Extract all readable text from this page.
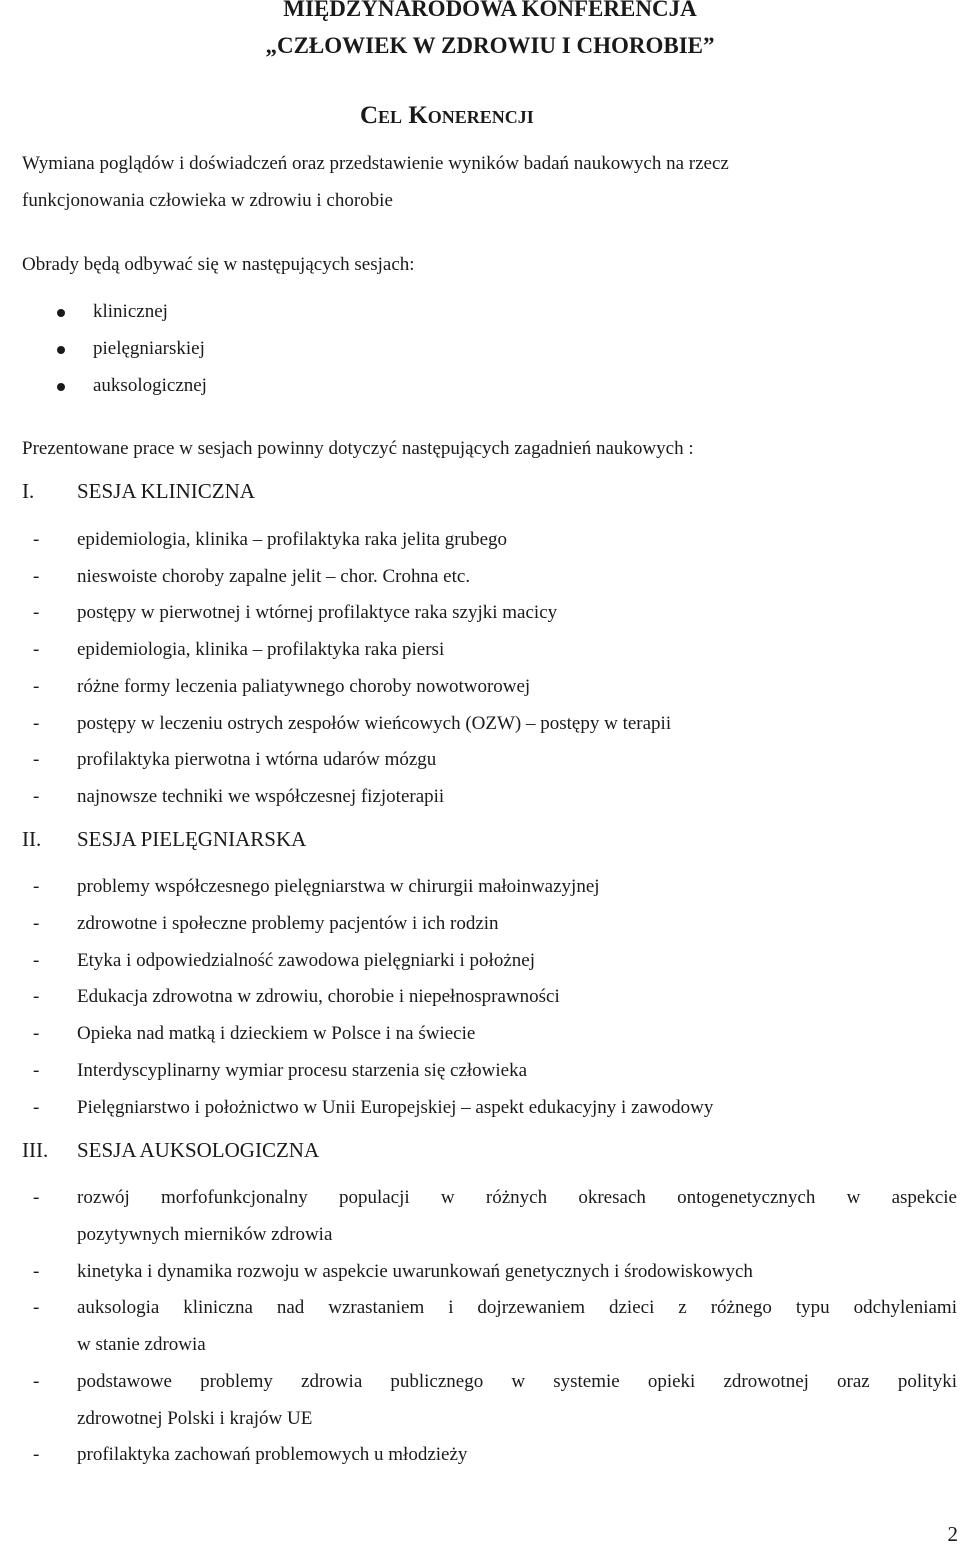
MIĘDZYNARODOWA KONFERENCJA
„CZŁOWIEK W ZDROWIU I CHOROBIE”
Cel Konerencji
Wymiana poglądów i doświadczeń oraz przedstawienie wyników badań naukowych na rzecz
funkcjonowania człowieka w zdrowiu i chorobie
Obrady będą odbywać się w następujących sesjach:
klinicznej
pielęgniarskiej
auksologicznej
Prezentowane prace w sesjach powinny dotyczyć następujących zagadnień naukowych :
I. SESJA KLINICZNA
- epidemiologia, klinika – profilaktyka raka jelita grubego
- nieswoiste choroby zapalne jelit – chor. Crohna etc.
- postępy w pierwotnej i wtórnej profilaktyce raka szyjki macicy
- epidemiologia, klinika – profilaktyka raka piersi
- różne formy leczenia paliatywnego choroby nowotworowej
- postępy w leczeniu ostrych zespołów wieńcowych (OZW) – postępy w terapii
- profilaktyka pierwotna i wtórna udarów mózgu
- najnowsze techniki we współczesnej fizjoterapii
II. SESJA PIELĘGNIARSKA
- problemy współczesnego pielęgniarstwa w chirurgii małoinwazyjnej
- zdrowotne i społeczne problemy pacjentów i ich rodzin
- Etyka i odpowiedzialność zawodowa pielęgniarki i położnej
- Edukacja zdrowotna w zdrowiu, chorobie i niepełnosprawności
- Opieka nad matką i dzieckiem w Polsce i na świecie
- Interdyscyplinarny wymiar procesu starzenia się człowieka
- Pielęgniarstwo i położnictwo w Unii Europejskiej – aspekt edukacyjny i zawodowy
III. SESJA AUKSOLOGICZNA
- rozwój morfofunkcjonalny populacji w różnych okresach ontogenetycznych w aspekcie
pozytywnych mierników zdrowia
- kinetyka i dynamika rozwoju w aspekcie uwarunkowań genetycznych i środowiskowych
- auksologia kliniczna nad wzrastaniem i dojrzewaniem dzieci z różnego typu odchyleniami
w stanie zdrowia
- podstawowe problemy zdrowia publicznego w systemie opieki zdrowotnej oraz polityki
zdrowotnej Polski i krajów UE
- profilaktyka zachowań problemowych u młodzieży
2
